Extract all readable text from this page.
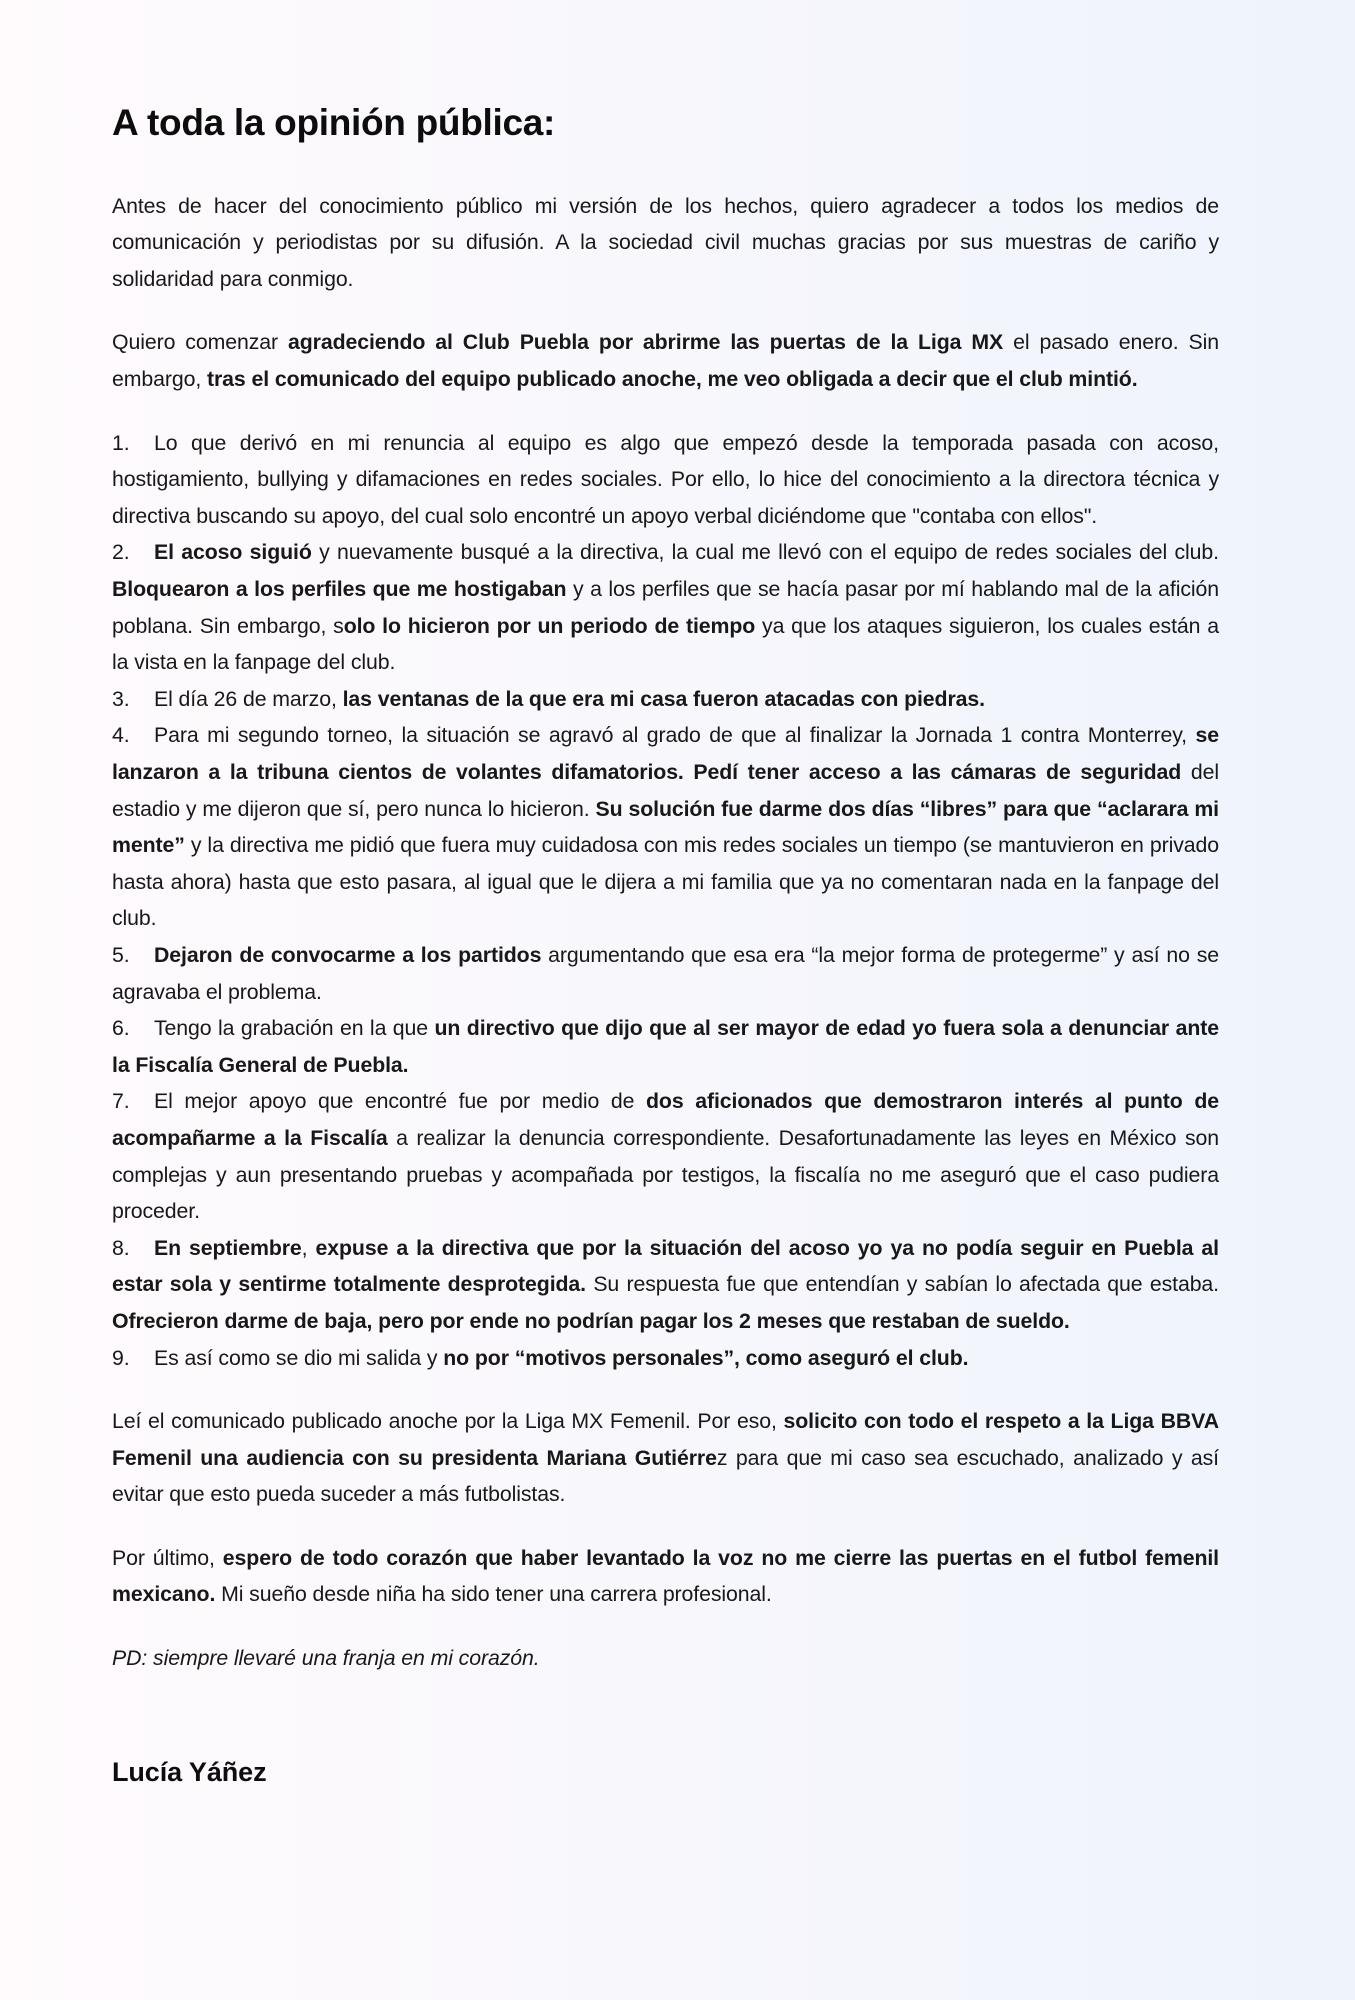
A toda la opinión pública:

Antes de hacer del conocimiento público mi versión de los hechos, quiero agradecer a todos los medios de comunicación y periodistas por su difusión. A la sociedad civil muchas gracias por sus muestras de cariño y solidaridad para conmigo.

Quiero comenzar agradeciendo al Club Puebla por abrirme las puertas de la Liga MX el pasado enero. Sin embargo, tras el comunicado del equipo publicado anoche, me veo obligada a decir que el club mintió.

1. Lo que derivó en mi renuncia al equipo es algo que empezó desde la temporada pasada con acoso, hostigamiento, bullying y difamaciones en redes sociales. Por ello, lo hice del conocimiento a la directora técnica y directiva buscando su apoyo, del cual solo encontré un apoyo verbal diciéndome que "contaba con ellos".

2. El acoso siguió y nuevamente busqué a la directiva, la cual me llevó con el equipo de redes sociales del club. Bloquearon a los perfiles que me hostigaban y a los perfiles que se hacía pasar por mí hablando mal de la afición poblana. Sin embargo, solo lo hicieron por un periodo de tiempo ya que los ataques siguieron, los cuales están a la vista en la fanpage del club.

3. El día 26 de marzo, las ventanas de la que era mi casa fueron atacadas con piedras.

4. Para mi segundo torneo, la situación se agravó al grado de que al finalizar la Jornada 1 contra Monterrey, se lanzaron a la tribuna cientos de volantes difamatorios. Pedí tener acceso a las cámaras de seguridad del estadio y me dijeron que sí, pero nunca lo hicieron. Su solución fue darme dos días “libres” para que “aclarara mi mente” y la directiva me pidió que fuera muy cuidadosa con mis redes sociales un tiempo (se mantuvieron en privado hasta ahora) hasta que esto pasara, al igual que le dijera a mi familia que ya no comentaran nada en la fanpage del club.

5. Dejaron de convocarme a los partidos argumentando que esa era “la mejor forma de protegerme” y así no se agravaba el problema.

6. Tengo la grabación en la que un directivo que dijo que al ser mayor de edad yo fuera sola a denunciar ante la Fiscalía General de Puebla.

7. El mejor apoyo que encontré fue por medio de dos aficionados que demostraron interés al punto de acompañarme a la Fiscalía a realizar la denuncia correspondiente. Desafortunadamente las leyes en México son complejas y aun presentando pruebas y acompañada por testigos, la fiscalía no me aseguró que el caso pudiera proceder.

8. En septiembre, expuse a la directiva que por la situación del acoso yo ya no podía seguir en Puebla al estar sola y sentirme totalmente desprotegida. Su respuesta fue que entendían y sabían lo afectada que estaba. Ofrecieron darme de baja, pero por ende no podrían pagar los 2 meses que restaban de sueldo.

9. Es así como se dio mi salida y no por “motivos personales”, como aseguró el club.

Leí el comunicado publicado anoche por la Liga MX Femenil. Por eso, solicito con todo el respeto a la Liga BBVA Femenil una audiencia con su presidenta Mariana Gutiérrez para que mi caso sea escuchado, analizado y así evitar que esto pueda suceder a más futbolistas.

Por último, espero de todo corazón que haber levantado la voz no me cierre las puertas en el futbol femenil mexicano. Mi sueño desde niña ha sido tener una carrera profesional.

PD: siempre llevaré una franja en mi corazón.

Lucía Yáñez
